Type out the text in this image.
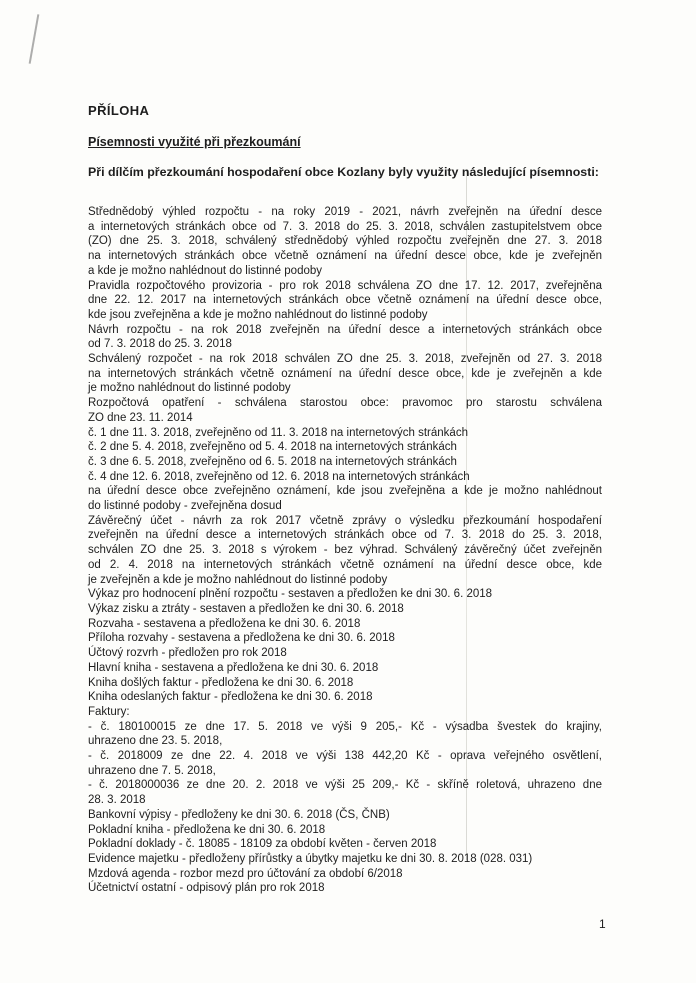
PŘÍLOHA
Písemnosti využité při přezkoumání
Při dílčím přezkoumání hospodaření obce Kozlany byly využity následující písemnosti:
Střednědobý výhled rozpočtu - na roky 2019 - 2021, návrh zveřejněn na úřední desce
a internetových stránkách obce od 7. 3. 2018 do 25. 3. 2018, schválen zastupitelstvem obce
(ZO) dne 25. 3. 2018, schválený střednědobý výhled rozpočtu zveřejněn dne 27. 3. 2018
na internetových stránkách obce včetně oznámení na úřední desce obce, kde je zveřejněn
a kde je možno nahlédnout do listinné podoby
Pravidla rozpočtového provizoria - pro rok 2018 schválena ZO dne 17. 12. 2017, zveřejněna
dne 22. 12. 2017 na internetových stránkách obce včetně oznámení na úřední desce obce,
kde jsou zveřejněna a kde je možno nahlédnout do listinné podoby
Návrh rozpočtu - na rok 2018 zveřejněn na úřední desce a internetových stránkách obce
od 7. 3. 2018 do 25. 3. 2018
Schválený rozpočet - na rok 2018 schválen ZO dne 25. 3. 2018, zveřejněn od 27. 3. 2018
na internetových stránkách včetně oznámení na úřední desce obce, kde je zveřejněn a kde
je možno nahlédnout do listinné podoby
Rozpočtová opatření - schválena starostou obce: pravomoc pro starostu schválena
ZO dne 23. 11. 2014
č. 1 dne 11. 3. 2018, zveřejněno od 11. 3. 2018 na internetových stránkách
č. 2 dne 5. 4. 2018, zveřejněno od 5. 4. 2018 na internetových stránkách
č. 3 dne 6. 5. 2018, zveřejněno od 6. 5. 2018 na internetových stránkách
č. 4 dne 12. 6. 2018, zveřejněno od 12. 6. 2018 na internetových stránkách
na úřední desce obce zveřejněno oznámení, kde jsou zveřejněna a kde je možno nahlédnout
do listinné podoby - zveřejněna dosud
Závěrečný účet - návrh za rok 2017 včetně zprávy o výsledku přezkoumání hospodaření
zveřejněn na úřední desce a internetových stránkách obce od 7. 3. 2018 do 25. 3. 2018,
schválen ZO dne 25. 3. 2018 s výrokem - bez výhrad. Schválený závěrečný účet zveřejněn
od 2. 4. 2018 na internetových stránkách včetně oznámení na úřední desce obce, kde
je zveřejněn a kde je možno nahlédnout do listinné podoby
Výkaz pro hodnocení plnění rozpočtu - sestaven a předložen ke dni 30. 6. 2018
Výkaz zisku a ztráty - sestaven a předložen ke dni 30. 6. 2018
Rozvaha - sestavena a předložena ke dni 30. 6. 2018
Příloha rozvahy - sestavena a předložena ke dni 30. 6. 2018
Účtový rozvrh - předložen pro rok 2018
Hlavní kniha - sestavena a předložena ke dni 30. 6. 2018
Kniha došlých faktur - předložena ke dni 30. 6. 2018
Kniha odeslaných faktur - předložena ke dni 30. 6. 2018
Faktury:
- č. 180100015 ze dne 17. 5. 2018 ve výši 9 205,- Kč - výsadba švestek do krajiny,
uhrazeno dne 23. 5. 2018,
- č. 2018009 ze dne 22. 4. 2018 ve výši 138 442,20 Kč - oprava veřejného osvětlení,
uhrazeno dne 7. 5. 2018,
- č. 2018000036 ze dne 20. 2. 2018 ve výši 25 209,- Kč - skříně roletová, uhrazeno dne
28. 3. 2018
Bankovní výpisy - předloženy ke dni 30. 6. 2018 (ČS, ČNB)
Pokladní kniha - předložena ke dni 30. 6. 2018
Pokladní doklady - č. 18085 - 18109 za období květen - červen 2018
Evidence majetku - předloženy přírůstky a úbytky majetku ke dni 30. 8. 2018 (028. 031)
Mzdová agenda - rozbor mezd pro účtování za období 6/2018
Účetnictví ostatní - odpisový plán pro rok 2018
1
